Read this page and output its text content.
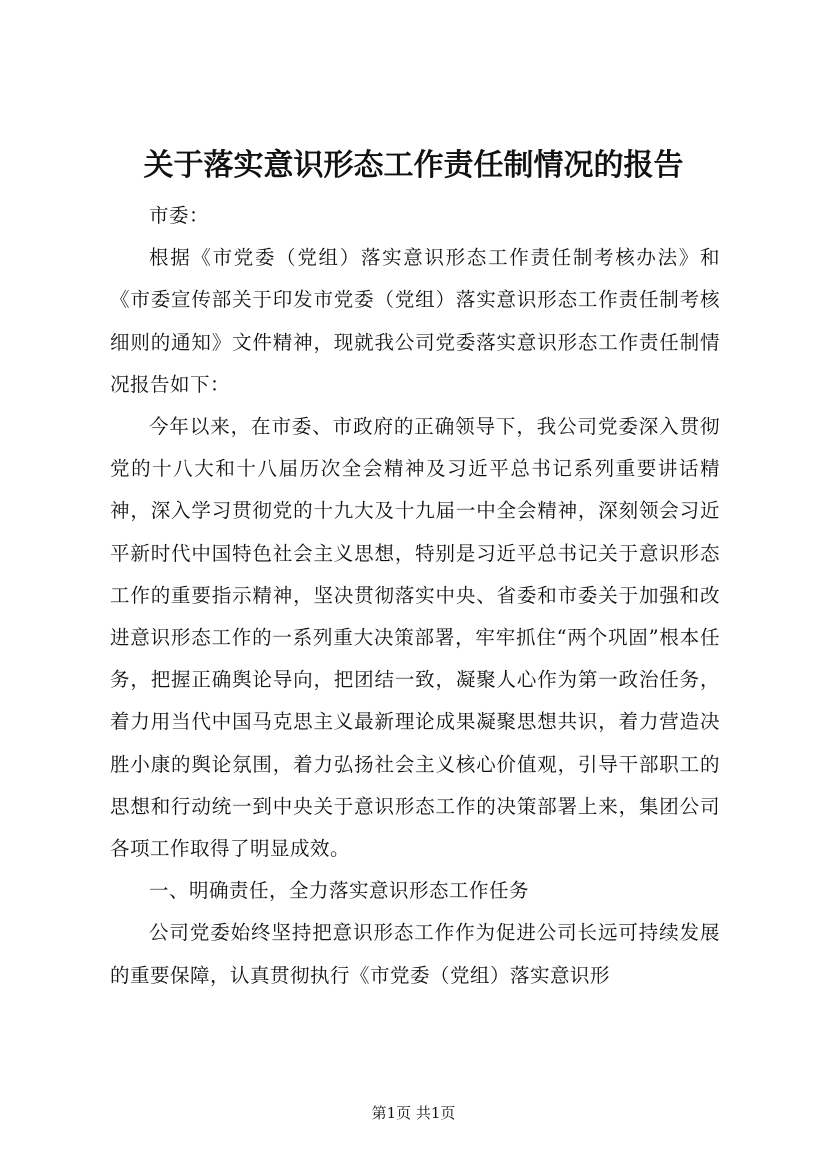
关于落实意识形态工作责任制情况的报告

市委：

根据《市党委（党组）落实意识形态工作责任制考核办法》和《市委宣传部关于印发市党委（党组）落实意识形态工作责任制考核细则的通知》文件精神，现就我公司党委落实意识形态工作责任制情况报告如下：

今年以来，在市委、市政府的正确领导下，我公司党委深入贯彻党的十八大和十八届历次全会精神及习近平总书记系列重要讲话精神，深入学习贯彻党的十九大及十九届一中全会精神，深刻领会习近平新时代中国特色社会主义思想，特别是习近平总书记关于意识形态工作的重要指示精神，坚决贯彻落实中央、省委和市委关于加强和改进意识形态工作的一系列重大决策部署，牢牢抓住“两个巩固”根本任务，把握正确舆论导向，把团结一致，凝聚人心作为第一政治任务，着力用当代中国马克思主义最新理论成果凝聚思想共识，着力营造决胜小康的舆论氛围，着力弘扬社会主义核心价值观，引导干部职工的思想和行动统一到中央关于意识形态工作的决策部署上来，集团公司各项工作取得了明显成效。

一、明确责任，全力落实意识形态工作任务

公司党委始终坚持把意识形态工作作为促进公司长远可持续发展的重要保障，认真贯彻执行《市党委（党组）落实意识形

第1页 共1页
